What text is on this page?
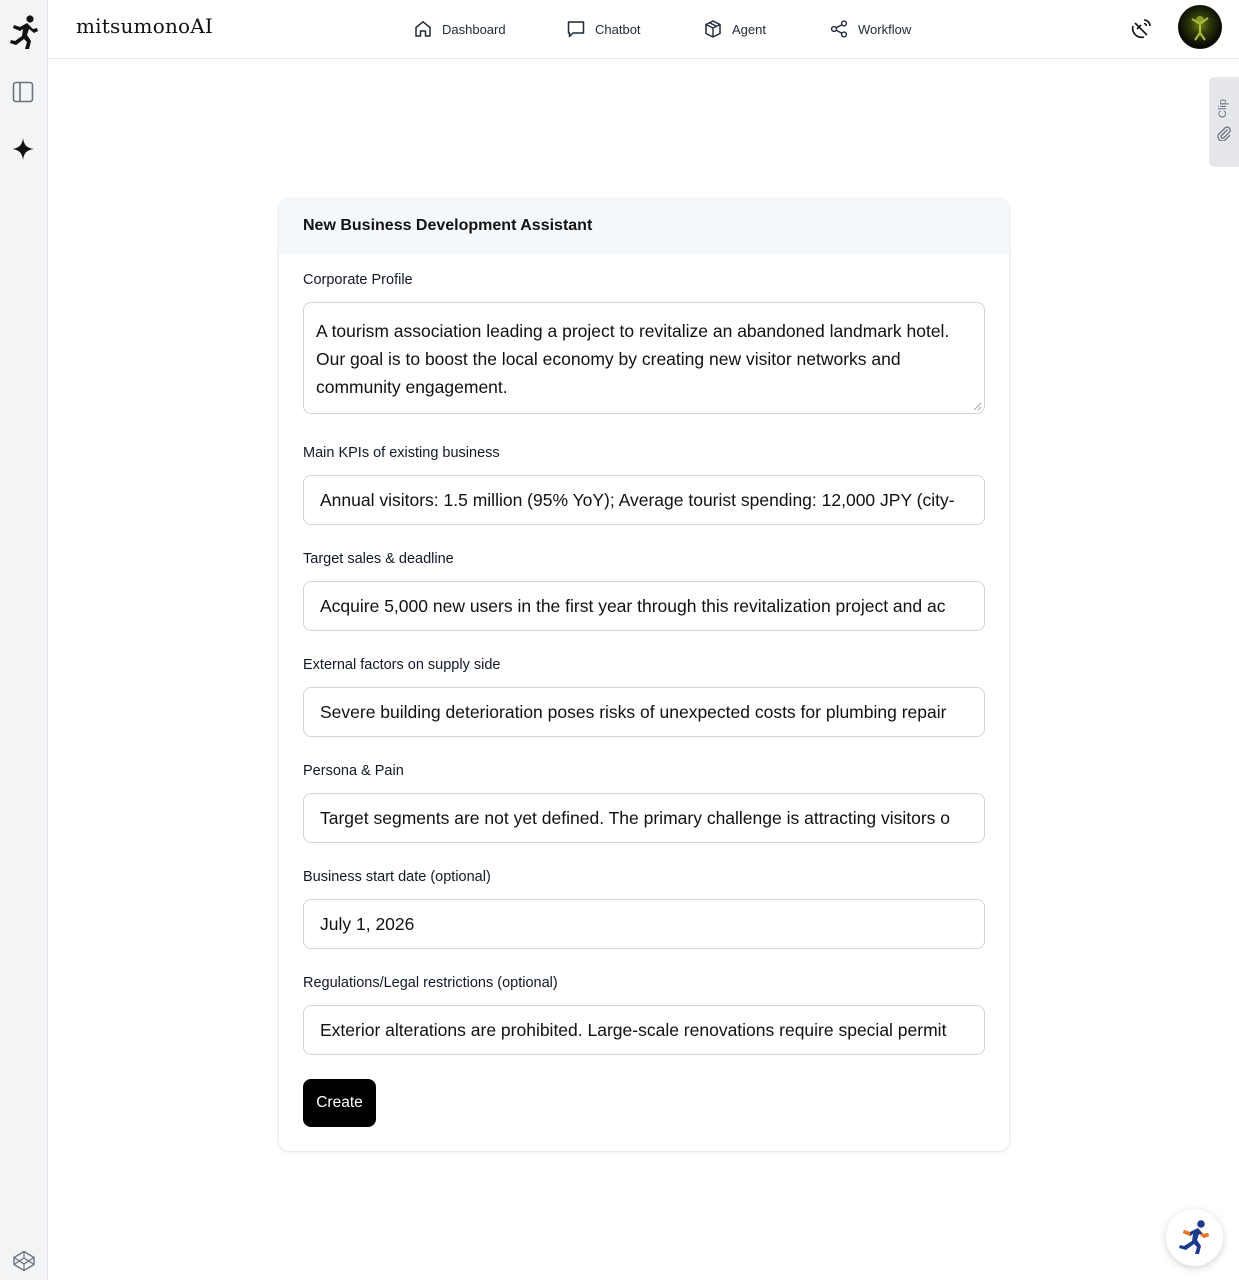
mitsumonoAI	Dashboard	Chatbot	Agent	Workflow
Clip
New Business Development Assistant
Corporate Profile
A tourism association leading a project to revitalize an abandoned landmark hotel. Our goal is to boost the local economy by creating new visitor networks and community engagement.
Main KPIs of existing business
Annual visitors: 1.5 million (95% YoY); Average tourist spending: 12,000 JPY (city-
Target sales & deadline
Acquire 5,000 new users in the first year through this revitalization project and ac
External factors on supply side
Severe building deterioration poses risks of unexpected costs for plumbing repair
Persona & Pain
Target segments are not yet defined. The primary challenge is attracting visitors o
Business start date (optional)
July 1, 2026
Regulations/Legal restrictions (optional)
Exterior alterations are prohibited. Large-scale renovations require special permit
Create
